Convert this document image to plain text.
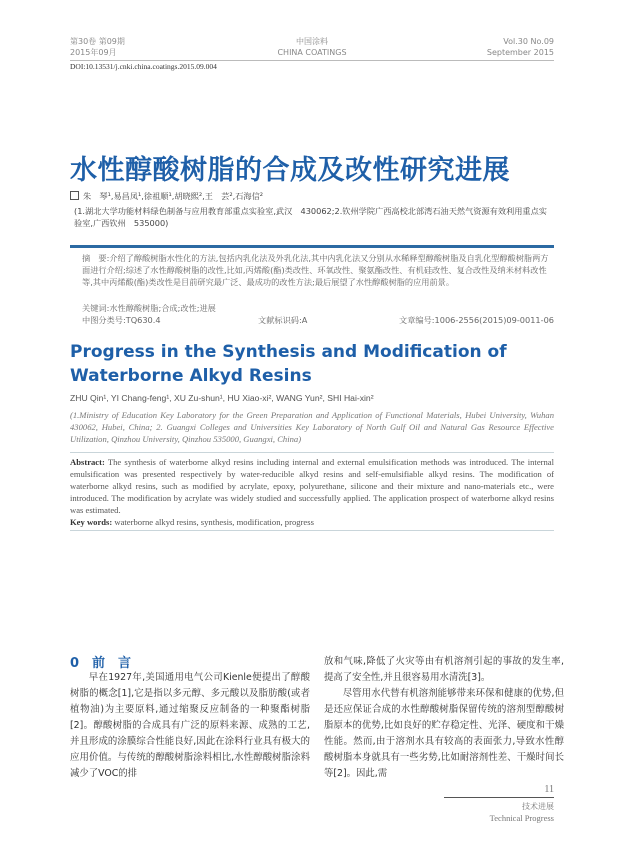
第30卷 第09期
2015年09月
中国涂料
CHINA COATINGS
Vol.30 No.09
September 2015
DOI:10.13531/j.cnki.china.coatings.2015.09.004
水性醇酸树脂的合成及改性研究进展
朱　琴¹,易昌凤¹,徐祖顺¹,胡晓熙²,王　芸²,石海信²
(1.湖北大学功能材料绿色制备与应用教育部重点实验室,武汉　430062;2.钦州学院广西高校北部湾石油天然气资源有效利用重点实验室,广西钦州　535000)
摘　要:介绍了醇酸树脂水性化的方法,包括内乳化法及外乳化法,其中内乳化法又分别从水稀释型醇酸树脂及自乳化型醇酸树脂两方面进行介绍;综述了水性醇酸树脂的改性,比如,丙烯酸(酯)类改性、环氧改性、聚氨酯改性、有机硅改性、复合改性及纳米材料改性等,其中丙烯酸(酯)类改性是目前研究最广泛、最成功的改性方法;最后展望了水性醇酸树脂的应用前景。
关键词:水性醇酸树脂;合成;改性;进展
中图分类号:TQ630.4	文献标识码:A	文章编号:1006-2556(2015)09-0011-06
Progress in the Synthesis and Modification of Waterborne Alkyd Resins
ZHU Qin¹, YI Chang-feng¹, XU Zu-shun¹, HU Xiao-xi², WANG Yun², SHI Hai-xin²
(1.Ministry of Education Key Laboratory for the Green Preparation and Application of Functional Materials, Hubei University, Wuhan 430062, Hubei, China; 2. Guangxi Colleges and Universities Key Laboratory of North Gulf Oil and Natural Gas Resource Effective Utilization, Qinzhou University, Qinzhou 535000, Guangxi, China)
Abstract: The synthesis of waterborne alkyd resins including internal and external emulsification methods was introduced. The internal emulsification was presented respectively by water-reducible alkyd resins and self-emulsifiable alkyd resins. The modification of waterborne alkyd resins, such as modified by acrylate, epoxy, polyurethane, silicone and their mixture and nano-materials etc., were introduced. The modification by acrylate was widely studied and successfully applied. The application prospect of waterborne alkyd resins was estimated.
Key words: waterborne alkyd resins, synthesis, modification, progress
0　前　言
早在1927年,美国通用电气公司Kienle便提出了醇酸树脂的概念[1],它是指以多元醇、多元酸以及脂肪酸(或者植物油)为主要原料,通过缩聚反应制备的一种聚酯树脂[2]。醇酸树脂的合成具有广泛的原料来源、成熟的工艺,并且形成的涂膜综合性能良好,因此在涂料行业具有极大的应用价值。与传统的醇酸树脂涂料相比,水性醇酸树脂涂料减少了VOC的排
放和气味,降低了火灾等由有机溶剂引起的事故的发生率,提高了安全性,并且很容易用水清洗[3]。
尽管用水代替有机溶剂能够带来环保和健康的优势,但是还应保证合成的水性醇酸树脂保留传统的溶剂型醇酸树脂原本的优势,比如良好的贮存稳定性、光泽、硬度和干燥性能。然而,由于溶剂水具有较高的表面张力,导致水性醇酸树脂本身就具有一些劣势,比如耐溶剂性差、干燥时间长等[2]。因此,需
11
技术进展
Technical Progress
